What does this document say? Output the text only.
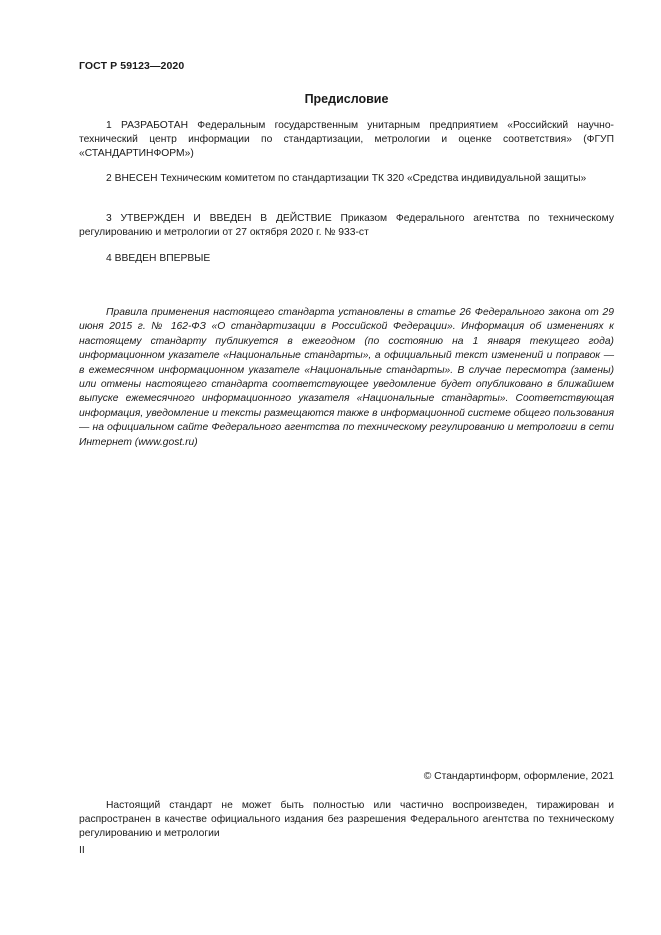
ГОСТ Р 59123—2020
Предисловие

1 РАЗРАБОТАН Федеральным государственным унитарным предприятием «Российский научно-технический центр информации по стандартизации, метрологии и оценке соответствия» (ФГУП «СТАНДАРТИНФОРМ»)

2 ВНЕСЕН Техническим комитетом по стандартизации ТК 320 «Средства индивидуальной защиты»

3 УТВЕРЖДЕН И ВВЕДЕН В ДЕЙСТВИЕ Приказом Федерального агентства по техническому регулированию и метрологии от 27 октября 2020 г. № 933-ст

4 ВВЕДЕН ВПЕРВЫЕ

Правила применения настоящего стандарта установлены в статье 26 Федерального закона от 29 июня 2015 г. № 162-ФЗ «О стандартизации в Российской Федерации». Информация об изменениях к настоящему стандарту публикуется в ежегодном (по состоянию на 1 января текущего года) информационном указателе «Национальные стандарты», а официальный текст изменений и поправок — в ежемесячном информационном указателе «Национальные стандарты». В случае пересмотра (замены) или отмены настоящего стандарта соответствующее уведомление будет опубликовано в ближайшем выпуске ежемесячного информационного указателя «Национальные стандарты». Соответствующая информация, уведомление и тексты размещаются также в информационной системе общего пользования — на официальном сайте Федерального агентства по техническому регулированию и метрологии в сети Интернет (www.gost.ru)

© Стандартинформ, оформление, 2021

Настоящий стандарт не может быть полностью или частично воспроизведен, тиражирован и распространен в качестве официального издания без разрешения Федерального агентства по техническому регулированию и метрологии

II
